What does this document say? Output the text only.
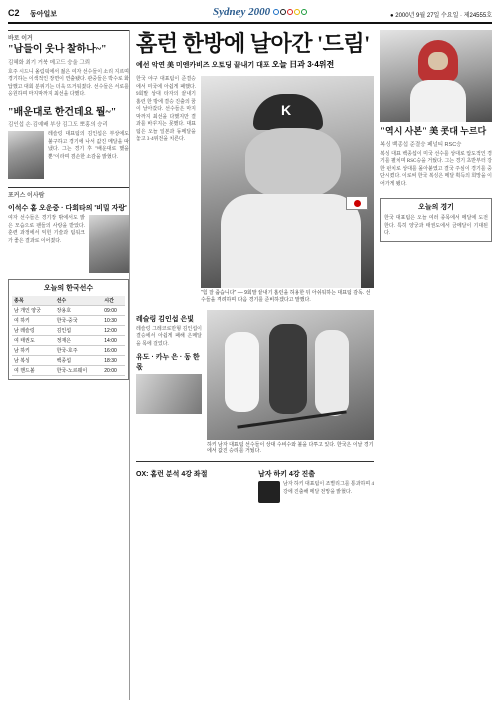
C2 동아일보	Sydney 2000	● 2000년 9월 27일 수요일 · 제24555호
바로 이거
"남들이 웃나 찰하나~"
김혜화 최기 거북 메고드 숭울 그뢰
호주 시드니 올림픽에서 젊은 여자 선수들이 소리 지르며 경기하는 이색적인 장면이 연출됐다. 관중들은 박수로 화답했고 대회 분위기는 더욱 뜨거워졌다. 선수들은 서로를 응원하며 마지막까지 최선을 다했다.
"배운대로 한건데요 뭘~"
김인섭 손·김예배 부상 김그도 뽀홍의 승리
레슬링 대표팀의 김인섭은 부상에도 불구하고 경기에 나서 값진 메달을 따냈다. 그는 경기 후 "배운대로 했을 뿐"이라며 겸손한 소감을 밝혔다.
포커스 이사람
이석수 홈 오운중 · 다회타의 '비밀 자랑'
여자 선수들은 경기장 밖에서도 밝은 모습으로 팬들의 사랑을 받았다. 훈련 과정에서 익힌 기술과 팀워크가 좋은 결과로 이어졌다.
오늘의 한국선수
종목	선수	시간
남 개인 양궁	장용호	09:00
여 하키	한국-중국	10:30
남 레슬링	김인섭	12:00
여 태권도	정재은	14:00
남 하키	한국-호주	16:00
남 복싱	백종섭	18:30
여 핸드볼	한국-노르웨이	20:00
홈런 한방에 날아간 '드림'
예선 악연 美 미엔카비즈 오토딩 끝내기 대포 오늘 日과 3·4위전
한국 야구 대표팀이 준결승에서 미국에 아쉽게 패했다. 9회말 상대 타자의 끝내기 홈런 한 방에 결승 진출의 꿈이 날아갔다. 선수들은 마지막까지 최선을 다했지만 결과를 바꾸지는 못했다. 대표팀은 오늘 일본과 동메달을 놓고 3·4위전을 치른다.
K
"힘 잘 줍습니다" — 9회말 끝내기 홈런을 허용한 뒤 아쉬워하는 대표팀 감독. 선수들을 격려하며 다음 경기를 준비하겠다고 말했다.
레슬링 김인섭 은빛
레슬링 그레코로만형 김인섭이 결승에서 아쉽게 패해 은메달을 목에 걸었다.
유도 · 카누 은 · 동 한몫
하키 남자 대표팀 선수들이 상대 수비수와 볼을 다투고 있다. 한국은 이날 경기에서 값진 승리를 거뒀다.
OX: 홈런 분석 4강 좌절	남자 하키 4강 진출
남자 하키 대표팀이 조별리그를 통과하며 4강에 진출해 메달 전망을 밝혔다.
"역시 사본" 美 콧대 누르다
복싱 백종섭 준결승 페널티 RSC승
복싱 대표 백종섭이 미국 선수를 상대로 압도적인 경기를 펼치며 RSC승을 거뒀다. 그는 경기 초반부터 강한 펀치로 상대를 몰아붙였고 결국 주심이 경기를 중단시켰다. 이로써 한국 복싱은 메달 획득의 희망을 이어가게 됐다.
오늘의 경기
한국 대표팀은 오늘 여러 종목에서 메달에 도전한다. 특히 양궁과 태권도에서 금메달이 기대된다.
